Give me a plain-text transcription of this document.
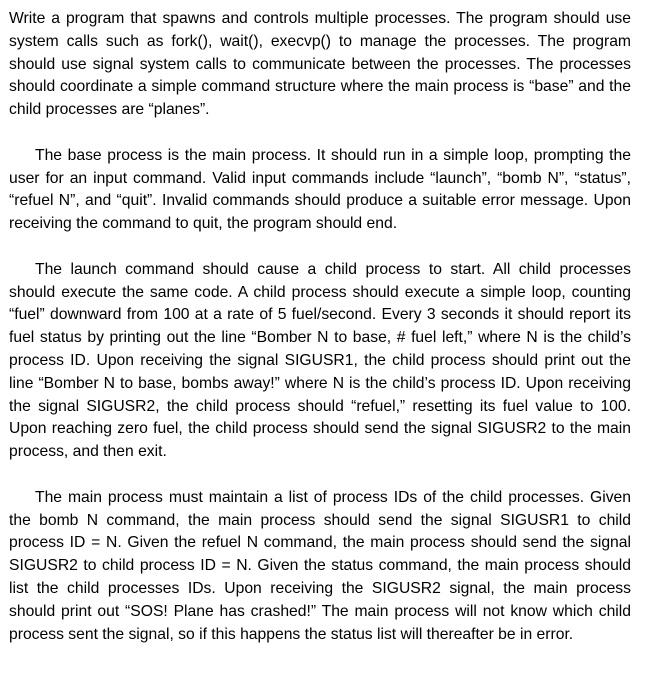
Write a program that spawns and controls multiple processes. The program should use system calls such as fork(), wait(), execvp() to manage the processes. The program should use signal system calls to communicate between the processes. The processes should coordinate a simple command structure where the main process is “base” and the child processes are “planes”.

The base process is the main process. It should run in a simple loop, prompting the user for an input command. Valid input commands include “launch”, “bomb N”, “status”, “refuel N”, and “quit”. Invalid commands should produce a suitable error message. Upon receiving the command to quit, the program should end.

The launch command should cause a child process to start. All child processes should execute the same code. A child process should execute a simple loop, counting “fuel” downward from 100 at a rate of 5 fuel/second. Every 3 seconds it should report its fuel status by printing out the line “Bomber N to base, # fuel left,” where N is the child’s process ID. Upon receiving the signal SIGUSR1, the child process should print out the line “Bomber N to base, bombs away!” where N is the child’s process ID. Upon receiving the signal SIGUSR2, the child process should “refuel,” resetting its fuel value to 100. Upon reaching zero fuel, the child process should send the signal SIGUSR2 to the main process, and then exit.

The main process must maintain a list of process IDs of the child processes. Given the bomb N command, the main process should send the signal SIGUSR1 to child process ID = N. Given the refuel N command, the main process should send the signal SIGUSR2 to child process ID = N. Given the status command, the main process should list the child processes IDs. Upon receiving the SIGUSR2 signal, the main process should print out “SOS! Plane has crashed!” The main process will not know which child process sent the signal, so if this happens the status list will thereafter be in error.
